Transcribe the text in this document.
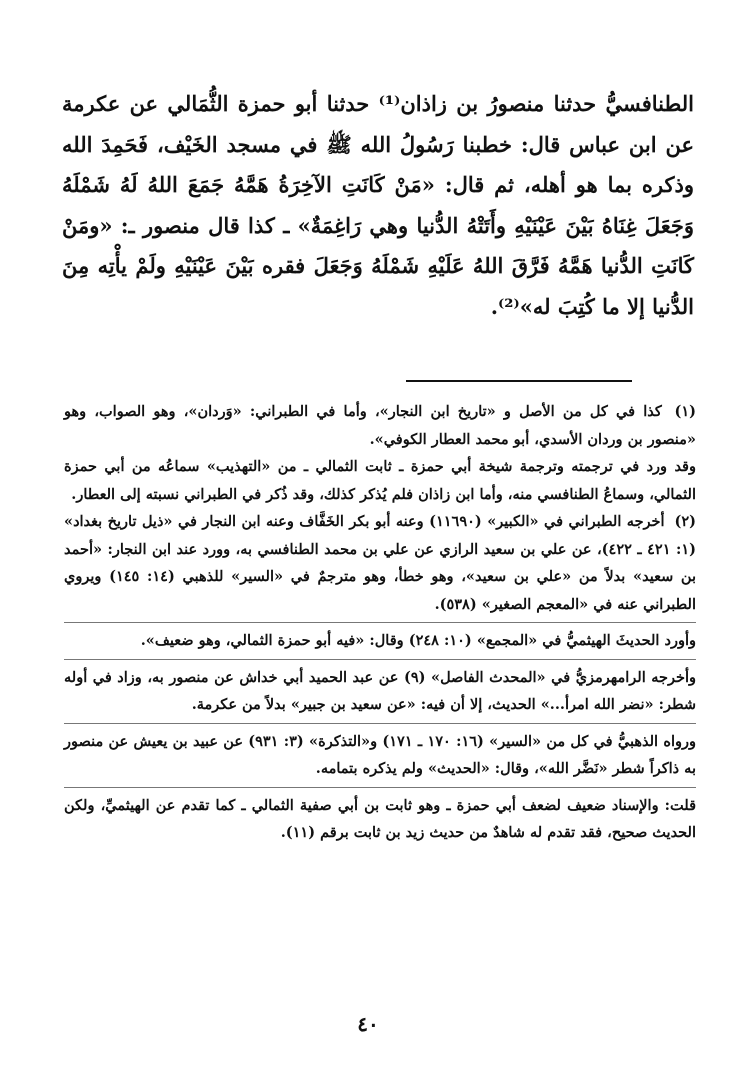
الطنافسيُّ حدثنا منصورُ بن زاذان⁽¹⁾ حدثنا أبو حمزة الثُّمَالي عن عكرمة عن ابن عباس قال: خطبنا رَسُولُ الله ﷺ في مسجد الخَيْف، فَحَمِدَ الله وذكره بما هو أهله، ثم قال: «مَنْ كَانَتِ الآخِرَةُ هَمَّهُ جَمَعَ اللهُ لَهُ شَمْلَهُ وَجَعَلَ غِنَاهُ بَيْنَ عَيْنَيْهِ وأَتَتْهُ الدُّنيا وهي رَاغِمَةٌ» ـ كذا قال منصور ـ: «ومَنْ كَانَتِ الدُّنيا هَمَّهُ فَرَّقَ اللهُ عَلَيْهِ شَمْلَهُ وَجَعَلَ فقره بَيْنَ عَيْنَيْهِ ولَمْ يأْتِه مِنَ الدُّنيا إلا ما كُتِبَ له»⁽²⁾.

(١) كذا في كل من الأصل و «تاريخ ابن النجار»، وأما في الطبراني: «وَردان»، وهو الصواب، وهو «منصور بن وردان الأسدي، أبو محمد العطار الكوفي».
وقد ورد في ترجمته وترجمة شيخة أبي حمزة ـ ثابت الثمالي ـ من «التهذيب» سماعُه من أبي حمزة الثمالي، وسماعُ الطنافسي منه، وأما ابن زاذان فلم يُذكر كذلك، وقد ذُكر في الطبراني نسبته إلى العطار.
(٢) أخرجه الطبراني في «الكبير» (١١٦٩٠) وعنه أبو بكر الخَفَّاف وعنه ابن النجار في «ذيل تاريخ بغداد» (١: ٤٢١ ـ ٤٢٢)، عن علي بن سعيد الرازي عن علي بن محمد الطنافسي به، وورد عند ابن النجار: «أحمد بن سعيد» بدلاً من «علي بن سعيد»، وهو خطأ، وهو مترجمٌ في «السير» للذهبي (١٤: ١٤٥) ويروي الطبراني عنه في «المعجم الصغير» (٥٣٨).
وأورد الحديثَ الهيثميُّ في «المجمع» (١٠: ٢٤٨) وقال: «فيه أبو حمزة الثمالي، وهو ضعيف».
وأخرجه الرامهرمزيُّ في «المحدث الفاصل» (٩) عن عبد الحميد أبي خداش عن منصور به، وزاد في أوله شطر: «نضر الله امرأ...» الحديث، إلا أن فيه: «عن سعيد بن جبير» بدلاً من عكرمة.
ورواه الذهبيُّ في كل من «السير» (١٦: ١٧٠ ـ ١٧١) و«التذكرة» (٣: ٩٣١) عن عبيد بن يعيش عن منصور به ذاكراً شطر «نَضَّر الله»، وقال: «الحديث» ولم يذكره بتمامه.
قلت: والإسناد ضعيف لضعف أبي حمزة ـ وهو ثابت بن أبي صفية الثمالي ـ كما تقدم عن الهيثميِّ، ولكن الحديث صحيح، فقد تقدم له شاهدٌ من حديث زيد بن ثابت برقم (١١).
٤٠
